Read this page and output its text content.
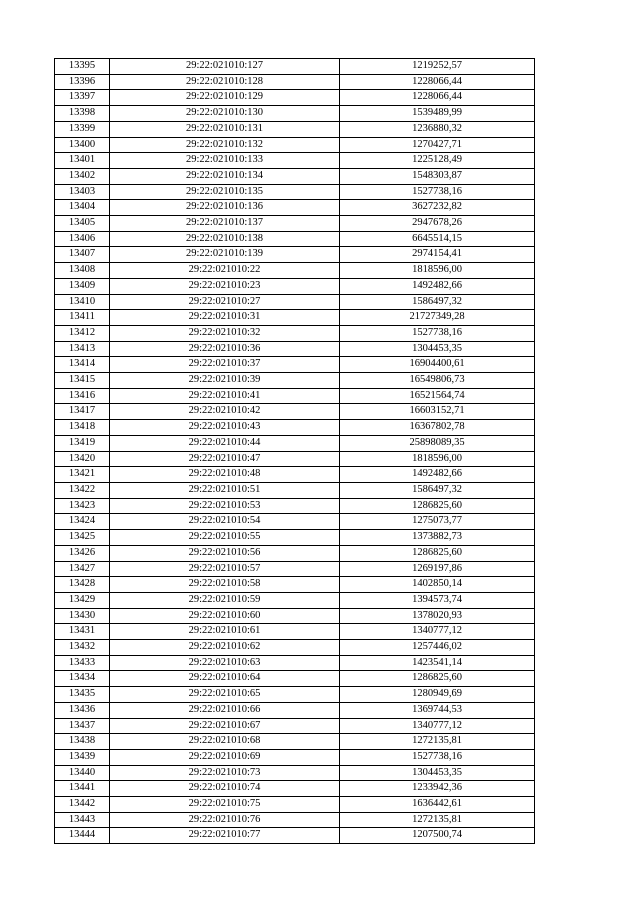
13395	29:22:021010:127	1219252,57
13396	29:22:021010:128	1228066,44
13397	29:22:021010:129	1228066,44
13398	29:22:021010:130	1539489,99
13399	29:22:021010:131	1236880,32
13400	29:22:021010:132	1270427,71
13401	29:22:021010:133	1225128,49
13402	29:22:021010:134	1548303,87
13403	29:22:021010:135	1527738,16
13404	29:22:021010:136	3627232,82
13405	29:22:021010:137	2947678,26
13406	29:22:021010:138	6645514,15
13407	29:22:021010:139	2974154,41
13408	29:22:021010:22	1818596,00
13409	29:22:021010:23	1492482,66
13410	29:22:021010:27	1586497,32
13411	29:22:021010:31	21727349,28
13412	29:22:021010:32	1527738,16
13413	29:22:021010:36	1304453,35
13414	29:22:021010:37	16904400,61
13415	29:22:021010:39	16549806,73
13416	29:22:021010:41	16521564,74
13417	29:22:021010:42	16603152,71
13418	29:22:021010:43	16367802,78
13419	29:22:021010:44	25898089,35
13420	29:22:021010:47	1818596,00
13421	29:22:021010:48	1492482,66
13422	29:22:021010:51	1586497,32
13423	29:22:021010:53	1286825,60
13424	29:22:021010:54	1275073,77
13425	29:22:021010:55	1373882,73
13426	29:22:021010:56	1286825,60
13427	29:22:021010:57	1269197,86
13428	29:22:021010:58	1402850,14
13429	29:22:021010:59	1394573,74
13430	29:22:021010:60	1378020,93
13431	29:22:021010:61	1340777,12
13432	29:22:021010:62	1257446,02
13433	29:22:021010:63	1423541,14
13434	29:22:021010:64	1286825,60
13435	29:22:021010:65	1280949,69
13436	29:22:021010:66	1369744,53
13437	29:22:021010:67	1340777,12
13438	29:22:021010:68	1272135,81
13439	29:22:021010:69	1527738,16
13440	29:22:021010:73	1304453,35
13441	29:22:021010:74	1233942,36
13442	29:22:021010:75	1636442,61
13443	29:22:021010:76	1272135,81
13444	29:22:021010:77	1207500,74
